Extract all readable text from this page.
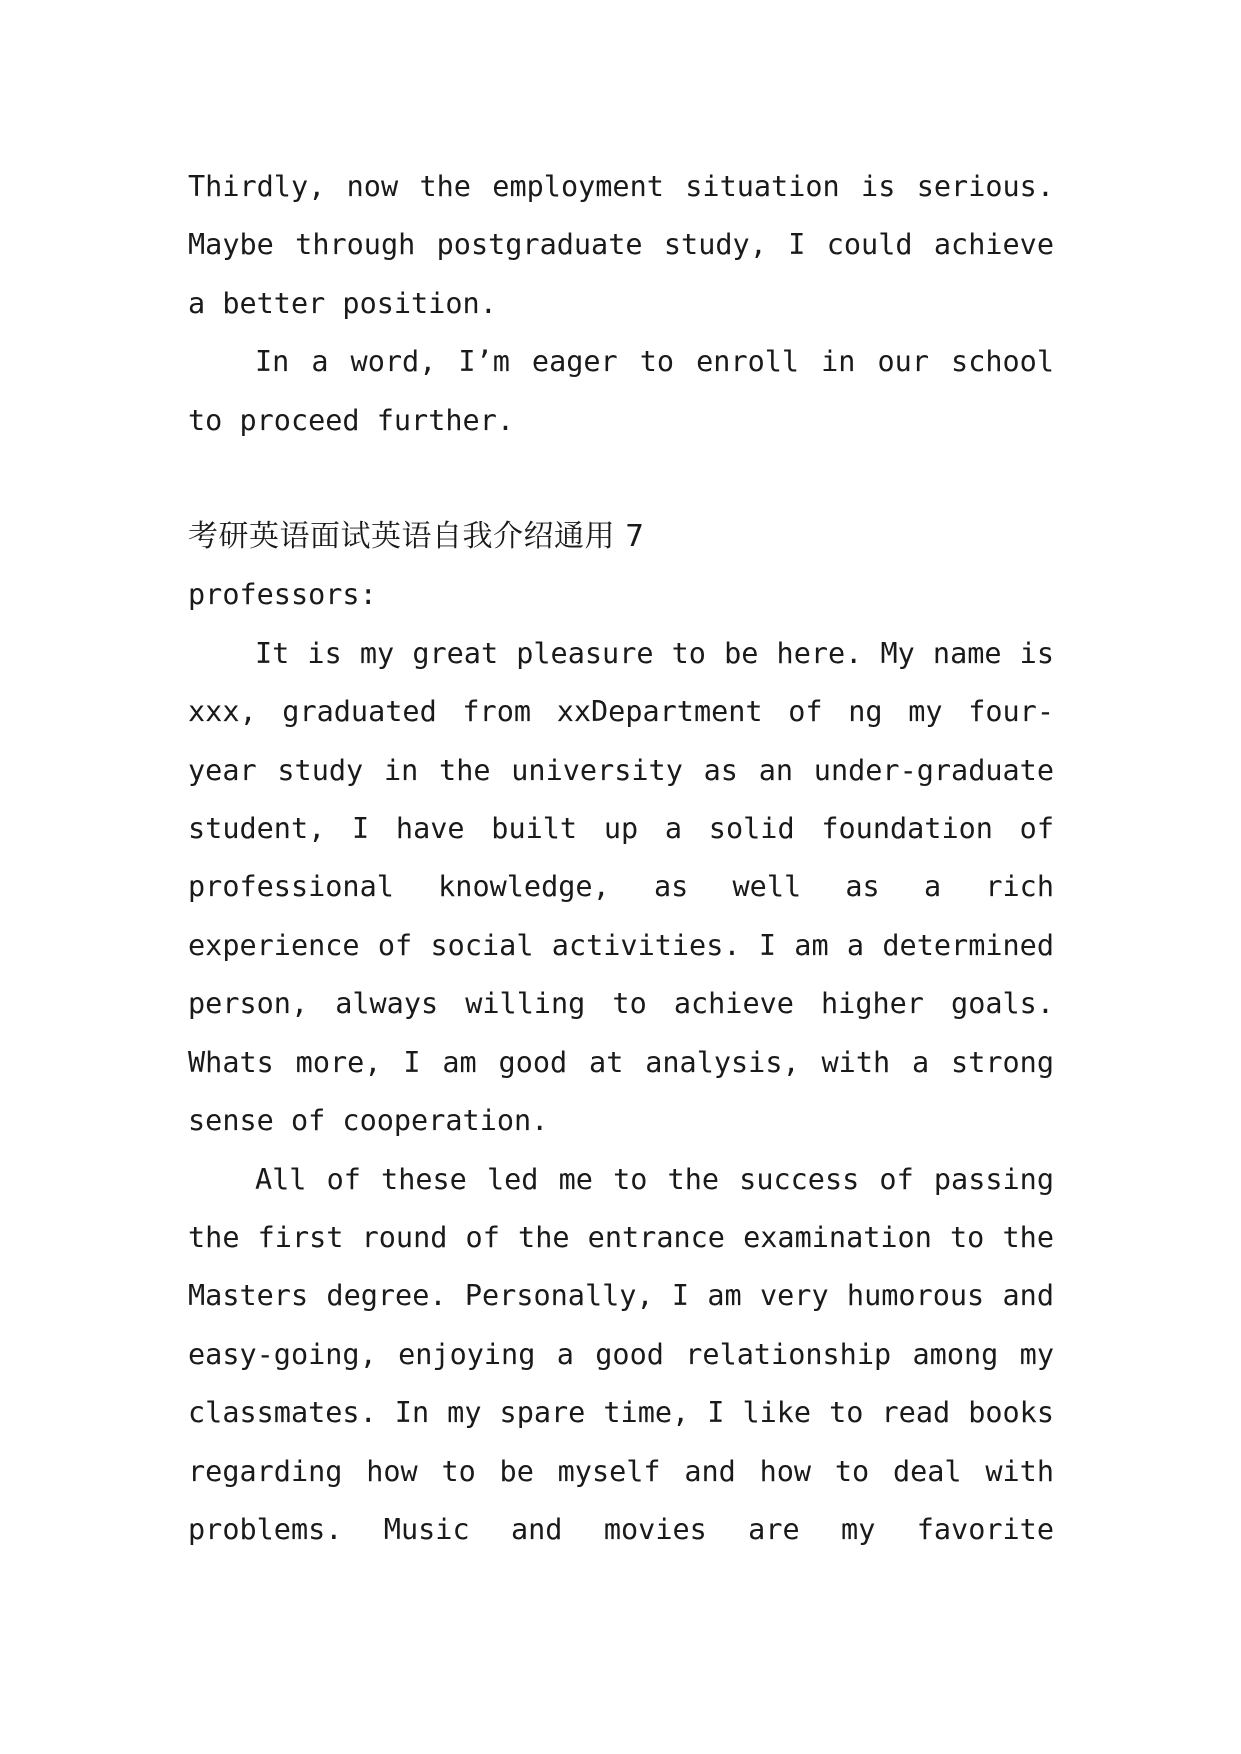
Thirdly, now the employment situation is serious. Maybe through postgraduate study, I could achieve a better position.

In a word, I’m eager to enroll in our school to proceed further.

考研英语面试英语自我介绍通用 7

professors:

It is my great pleasure to be here. My name is xxx, graduated from xxDepartment of ng my four-year study in the university as an under-graduate student, I have built up a solid foundation of professional knowledge, as well as a rich experience of social activities. I am a determined person, always willing to achieve higher goals. Whats more, I am good at analysis, with a strong sense of cooperation.

All of these led me to the success of passing the first round of the entrance examination to the Masters degree. Personally, I am very humorous and easy-going, enjoying a good relationship among my classmates. In my spare time, I like to read books regarding how to be myself and how to deal with problems. Music and movies are my favorite
